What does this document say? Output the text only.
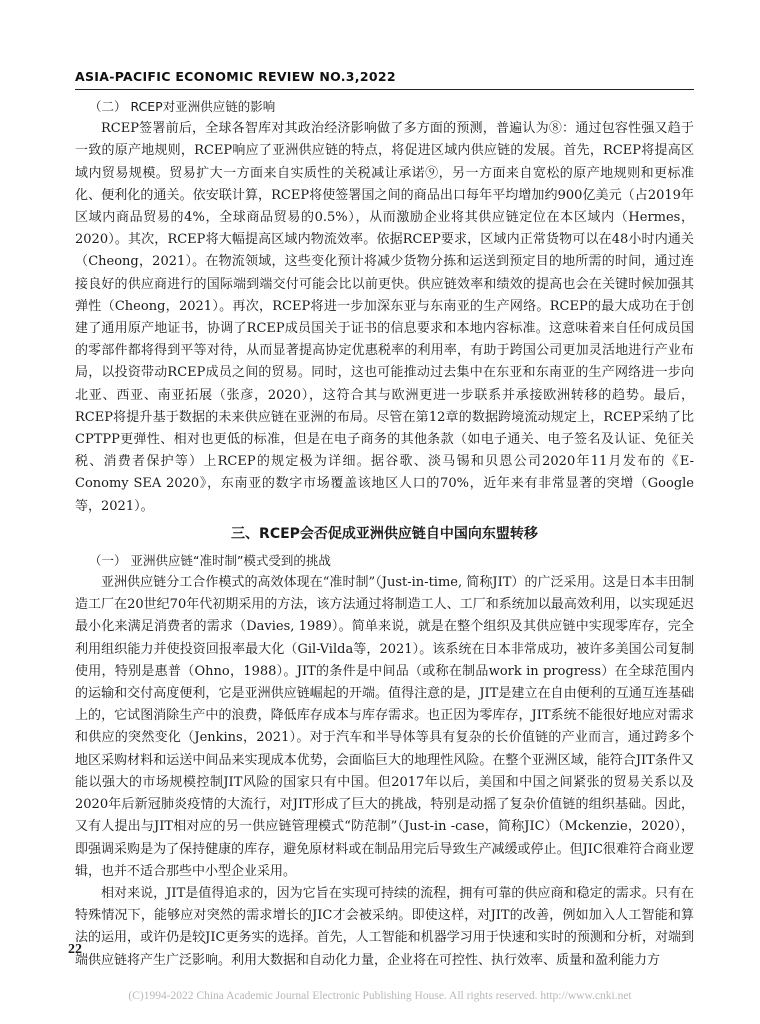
ASIA-PACIFIC ECONOMIC REVIEW NO.3,2022
（二） RCEP对亚洲供应链的影响

RCEP签署前后，全球各智库对其政治经济影响做了多方面的预测，普遍认为⑧：通过包容性强又趋于一致的原产地规则，RCEP响应了亚洲供应链的特点，将促进区域内供应链的发展。首先，RCEP将提高区域内贸易规模。贸易扩大一方面来自实质性的关税减让承诺⑨，另一方面来自宽松的原产地规则和更标准化、便利化的通关。依安联计算，RCEP将使签署国之间的商品出口每年平均增加约900亿美元（占2019年区域内商品贸易的4%，全球商品贸易的0.5%），从而激励企业将其供应链定位在本区域内（Hermes，2020）。其次，RCEP将大幅提高区域内物流效率。依据RCEP要求，区域内正常货物可以在48小时内通关（Cheong，2021）。在物流领域，这些变化预计将减少货物分拣和运送到预定目的地所需的时间，通过连接良好的供应商进行的国际端到端交付可能会比以前更快。供应链效率和绩效的提高也会在关键时候加强其弹性（Cheong，2021）。再次，RCEP将进一步加深东亚与东南亚的生产网络。RCEP的最大成功在于创建了通用原产地证书，协调了RCEP成员国关于证书的信息要求和本地内容标准。这意味着来自任何成员国的零部件都将得到平等对待，从而显著提高协定优惠税率的利用率，有助于跨国公司更加灵活地进行产业布局，以投资带动RCEP成员之间的贸易。同时，这也可能推动过去集中在东亚和东南亚的生产网络进一步向北亚、西亚、南亚拓展（张彦，2020），这符合其与欧洲更进一步联系并承接欧洲转移的趋势。最后，RCEP将提升基于数据的未来供应链在亚洲的布局。尽管在第12章的数据跨境流动规定上，RCEP采纳了比CPTPP更弹性、相对也更低的标准，但是在电子商务的其他条款（如电子通关、电子签名及认证、免征关税、消费者保护等）上RCEP的规定极为详细。据谷歌、淡马锡和贝恩公司2020年11月发布的《E-Conomy SEA 2020》，东南亚的数字市场覆盖该地区人口的70%，近年来有非常显著的突增（Google等，2021）。

三、RCEP会否促成亚洲供应链自中国向东盟转移
（一） 亚洲供应链“准时制”模式受到的挑战

亚洲供应链分工合作模式的高效体现在“准时制”（Just-in-time, 简称JIT）的广泛采用。这是日本丰田制造工厂在20世纪70年代初期采用的方法，该方法通过将制造工人、工厂和系统加以最高效利用，以实现延迟最小化来满足消费者的需求（Davies, 1989）。简单来说，就是在整个组织及其供应链中实现零库存，完全利用组织能力并使投资回报率最大化（Gil-Vilda等，2021）。该系统在日本非常成功，被许多美国公司复制使用，特别是惠普（Ohno，1988）。JIT的条件是中间品（或称在制品work in progress）在全球范围内的运输和交付高度便利，它是亚洲供应链崛起的开端。值得注意的是，JIT是建立在自由便利的互通互连基础上的，它试图消除生产中的浪费，降低库存成本与库存需求。也正因为零库存，JIT系统不能很好地应对需求和供应的突然变化（Jenkins，2021）。对于汽车和半导体等具有复杂的长价值链的产业而言，通过跨多个地区采购材料和运送中间品来实现成本优势，会面临巨大的地理性风险。在整个亚洲区域，能符合JIT条件又能以强大的市场规模控制JIT风险的国家只有中国。但2017年以后，美国和中国之间紧张的贸易关系以及2020年后新冠肺炎疫情的大流行，对JIT形成了巨大的挑战，特别是动摇了复杂价值链的组织基础。因此，又有人提出与JIT相对应的另一供应链管理模式“防范制”（Just-in -case，简称JIC）（Mckenzie，2020），即强调采购是为了保持健康的库存，避免原材料或在制品用完后导致生产减缓或停止。但JIC很难符合商业逻辑，也并不适合那些中小型企业采用。

相对来说，JIT是值得追求的，因为它旨在实现可持续的流程，拥有可靠的供应商和稳定的需求。只有在特殊情况下，能够应对突然的需求增长的JIC才会被采纳。即使这样，对JIT的改善，例如加入人工智能和算法的运用，或许仍是较JIC更务实的选择。首先，人工智能和机器学习用于快速和实时的预测和分析，对端到端供应链将产生广泛影响。利用大数据和自动化力量，企业将在可控性、执行效率、质量和盈利能力方

22
(C)1994-2022 China Academic Journal Electronic Publishing House. All rights reserved. http://www.cnki.net
